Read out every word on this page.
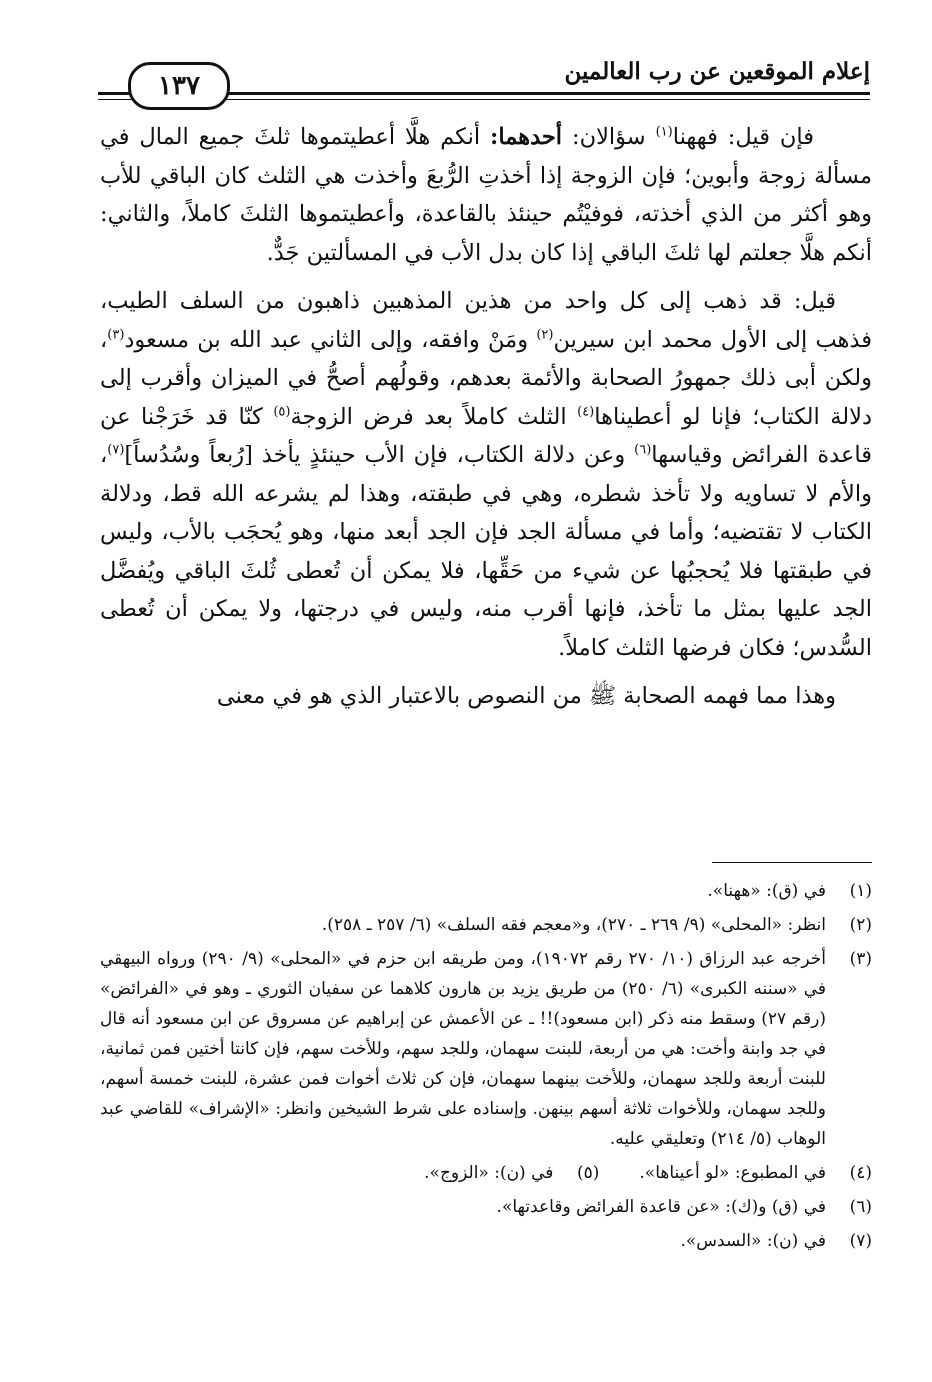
إعلام الموقعين عن رب العالمين
١٣٧

فإن قيل: فههنا$^{(١)}$ سؤالان: أحدهما: أنكم هلَّا أعطيتموها ثلثَ جميع المال في مسألة زوجة وأبوين؛ فإن الزوجة إذا أخذتِ الرُّبعَ وأخذت هي الثلث كان الباقي للأب وهو أكثر من الذي أخذته، فوفيْتُم حينئذ بالقاعدة، وأعطيتموها الثلثَ كاملاً، والثاني: أنكم هلَّا جعلتم لها ثلثَ الباقي إذا كان بدل الأب في المسألتين جَدٌّ.

قيل: قد ذهب إلى كل واحد من هذين المذهبين ذاهبون من السلف الطيب، فذهب إلى الأول محمد ابن سيرين$^{(٢)}$ ومَنْ وافقه، وإلى الثاني عبد الله بن مسعود$^{(٣)}$، ولكن أبى ذلك جمهورُ الصحابة والأئمة بعدهم، وقولُهم أصحُّ في الميزان وأقرب إلى دلالة الكتاب؛ فإنا لو أعطيناها$^{(٤)}$ الثلث كاملاً بعد فرض الزوجة$^{(٥)}$ كنّا قد خَرَجْنا عن قاعدة الفرائض وقياسها$^{(٦)}$ وعن دلالة الكتاب، فإن الأب حينئذٍ يأخذ [رُبعاً وسُدُساً]$^{(٧)}$، والأم لا تساويه ولا تأخذ شطره، وهي في طبقته، وهذا لم يشرعه الله قط، ودلالة الكتاب لا تقتضيه؛ وأما في مسألة الجد فإن الجد أبعد منها، وهو يُحجَب بالأب، وليس في طبقتها فلا يُحجبُها عن شيء من حَقِّها، فلا يمكن أن تُعطى ثُلثَ الباقي ويُفضَّل الجد عليها بمثل ما تأخذ، فإنها أقرب منه، وليس في درجتها، ولا يمكن أن تُعطى السُّدس؛ فكان فرضها الثلث كاملاً.

وهذا مما فهمه الصحابة ﷺ من النصوص بالاعتبار الذي هو في معنى

(١)
في (ق): «ههنا».
(٢)
انظر: «المحلى» (٩/ ٢٦٩ ـ ٢٧٠)، و«معجم فقه السلف» (٦/ ٢٥٧ ـ ٢٥٨).
(٣)
أخرجه عبد الرزاق (١٠/ ٢٧٠ رقم ١٩٠٧٢)، ومن طريقه ابن حزم في «المحلى» (٩/ ٢٩٠) ورواه البيهقي في «سننه الكبرى» (٦/ ٢٥٠) من طريق يزيد بن هارون كلاهما عن سفيان الثوري ـ وهو في «الفرائض» (رقم ٢٧) وسقط منه ذكر (ابن مسعود)!! ـ عن الأعمش عن إبراهيم عن مسروق عن ابن مسعود أنه قال في جد وابنة وأخت: هي من أربعة، للبنت سهمان، وللجد سهم، وللأخت سهم، فإن كانتا أختين فمن ثمانية، للبنت أربعة وللجد سهمان، وللأخت بينهما سهمان، فإن كن ثلاث أخوات فمن عشرة، للبنت خمسة أسهم، وللجد سهمان، وللأخوات ثلاثة أسهم بينهن. وإسناده على شرط الشيخين وانظر: «الإشراف» للقاضي عبد الوهاب (٥/ ٢١٤) وتعليقي عليه.
(٤)
في المطبوع: «لو أعيناها».
(٥)
في (ن): «الزوج».
(٦)
في (ق) و(ك): «عن قاعدة الفرائض وقاعدتها».
(٧)
في (ن): «السدس».
